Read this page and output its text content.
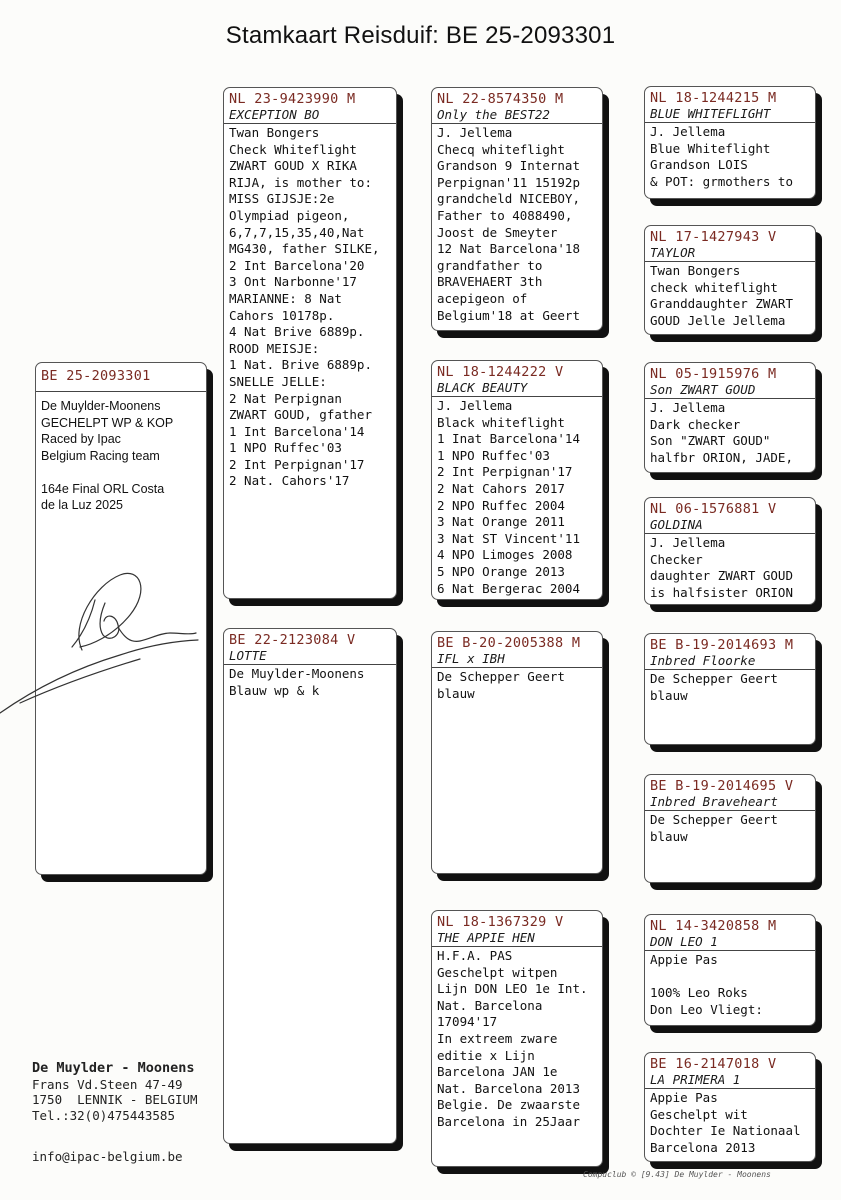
Stamkaart Reisduif: BE 25-2093301
BE 25-2093301
De Muylder-Moonens
GECHELPT WP & KOP
Raced by Ipac
Belgium Racing team

164e Final ORL Costa
de la Luz 2025
NL 23-9423990 M
EXCEPTION BO
Twan Bongers
Check Whiteflight
ZWART GOUD X RIKA
RIJA, is mother to:
MISS GIJSJE:2e
Olympiad pigeon,
6,7,7,15,35,40,Nat
MG430, father SILKE,
2 Int Barcelona'20
3 Ont Narbonne'17
MARIANNE: 8 Nat
Cahors 10178p.
4 Nat Brive 6889p.
ROOD MEISJE:
1 Nat. Brive 6889p.
SNELLE JELLE:
2 Nat Perpignan
ZWART GOUD, gfather
1 Int Barcelona'14
1 NPO Ruffec'03
2 Int Perpignan'17
2 Nat. Cahors'17
BE 22-2123084 V
LOTTE
De Muylder-Moonens
Blauw wp & k
NL 22-8574350 M
Only the BEST22
J. Jellema
Checq whiteflight
Grandson 9 Internat
Perpignan'11 15192p
grandcheld NICEBOY,
Father to 4088490,
Joost de Smeyter
12 Nat Barcelona'18
grandfather to
BRAVEHAERT 3th
acepigeon of
Belgium'18 at Geert
NL 18-1244222 V
BLACK BEAUTY
J. Jellema
Black whiteflight
1 Inat Barcelona'14
1 NPO Ruffec'03
2 Int Perpignan'17
2 Nat Cahors 2017
2 NPO Ruffec 2004
3 Nat Orange 2011
3 Nat ST Vincent'11
4 NPO Limoges 2008
5 NPO Orange 2013
6 Nat Bergerac 2004
BE B-20-2005388 M
IFL x IBH
De Schepper Geert
blauw
NL 18-1367329 V
THE APPIE HEN
H.F.A. PAS
Geschelpt witpen
Lijn DON LEO 1e Int.
Nat. Barcelona
17094'17
In extreem zware
editie x Lijn
Barcelona JAN 1e
Nat. Barcelona 2013
Belgie. De zwaarste
Barcelona in 25Jaar
NL 18-1244215 M
BLUE WHITEFLIGHT
J. Jellema
Blue Whiteflight
Grandson LOIS
& POT: grmothers to
NL 17-1427943 V
TAYLOR
Twan Bongers
check whiteflight
Granddaughter ZWART
GOUD Jelle Jellema
NL 05-1915976 M
Son ZWART GOUD
J. Jellema
Dark checker
Son "ZWART GOUD"
halfbr ORION, JADE,
NL 06-1576881 V
GOLDINA
J. Jellema
Checker
daughter ZWART GOUD
is halfsister ORION
BE B-19-2014693 M
Inbred Floorke
De Schepper Geert
blauw
BE B-19-2014695 V
Inbred Braveheart
De Schepper Geert
blauw
NL 14-3420858 M
DON LEO 1
Appie Pas

100% Leo Roks
Don Leo Vliegt:
BE 16-2147018 V
LA PRIMERA 1
Appie Pas
Geschelpt wit
Dochter Ie Nationaal
Barcelona 2013
De Muylder - Moonens
Frans Vd.Steen 47-49
1750  LENNIK - BELGIUM
Tel.:32(0)475443585
info@ipac-belgium.be
Compuclub © [9.43] De Muylder - Moonens
